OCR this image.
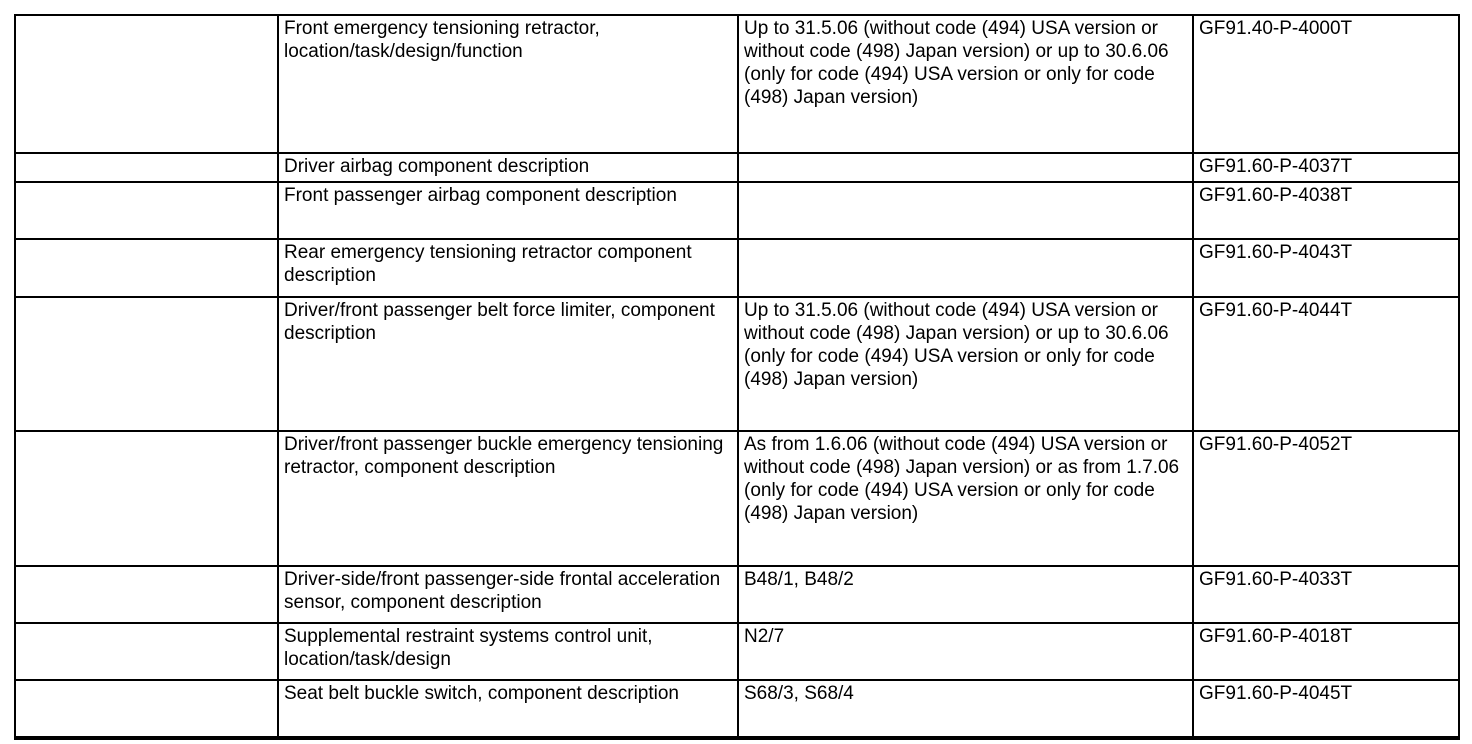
	Front emergency tensioning retractor, location/task/design/function	Up to 31.5.06 (without code (494) USA version or without code (498) Japan version) or up to 30.6.06 (only for code (494) USA version or only for code (498) Japan version)	GF91.40-P-4000T
	Driver airbag component description		GF91.60-P-4037T
	Front passenger airbag component description		GF91.60-P-4038T
	Rear emergency tensioning retractor component description		GF91.60-P-4043T
	Driver/front passenger belt force limiter, component description	Up to 31.5.06 (without code (494) USA version or without code (498) Japan version) or up to 30.6.06 (only for code (494) USA version or only for code (498) Japan version)	GF91.60-P-4044T
	Driver/front passenger buckle emergency tensioning retractor, component description	As from 1.6.06 (without code (494) USA version or without code (498) Japan version) or as from 1.7.06 (only for code (494) USA version or only for code (498) Japan version)	GF91.60-P-4052T
	Driver-side/front passenger-side frontal acceleration sensor, component description	B48/1, B48/2	GF91.60-P-4033T
	Supplemental restraint systems control unit, location/task/design	N2/7	GF91.60-P-4018T
	Seat belt buckle switch, component description	S68/3, S68/4	GF91.60-P-4045T
